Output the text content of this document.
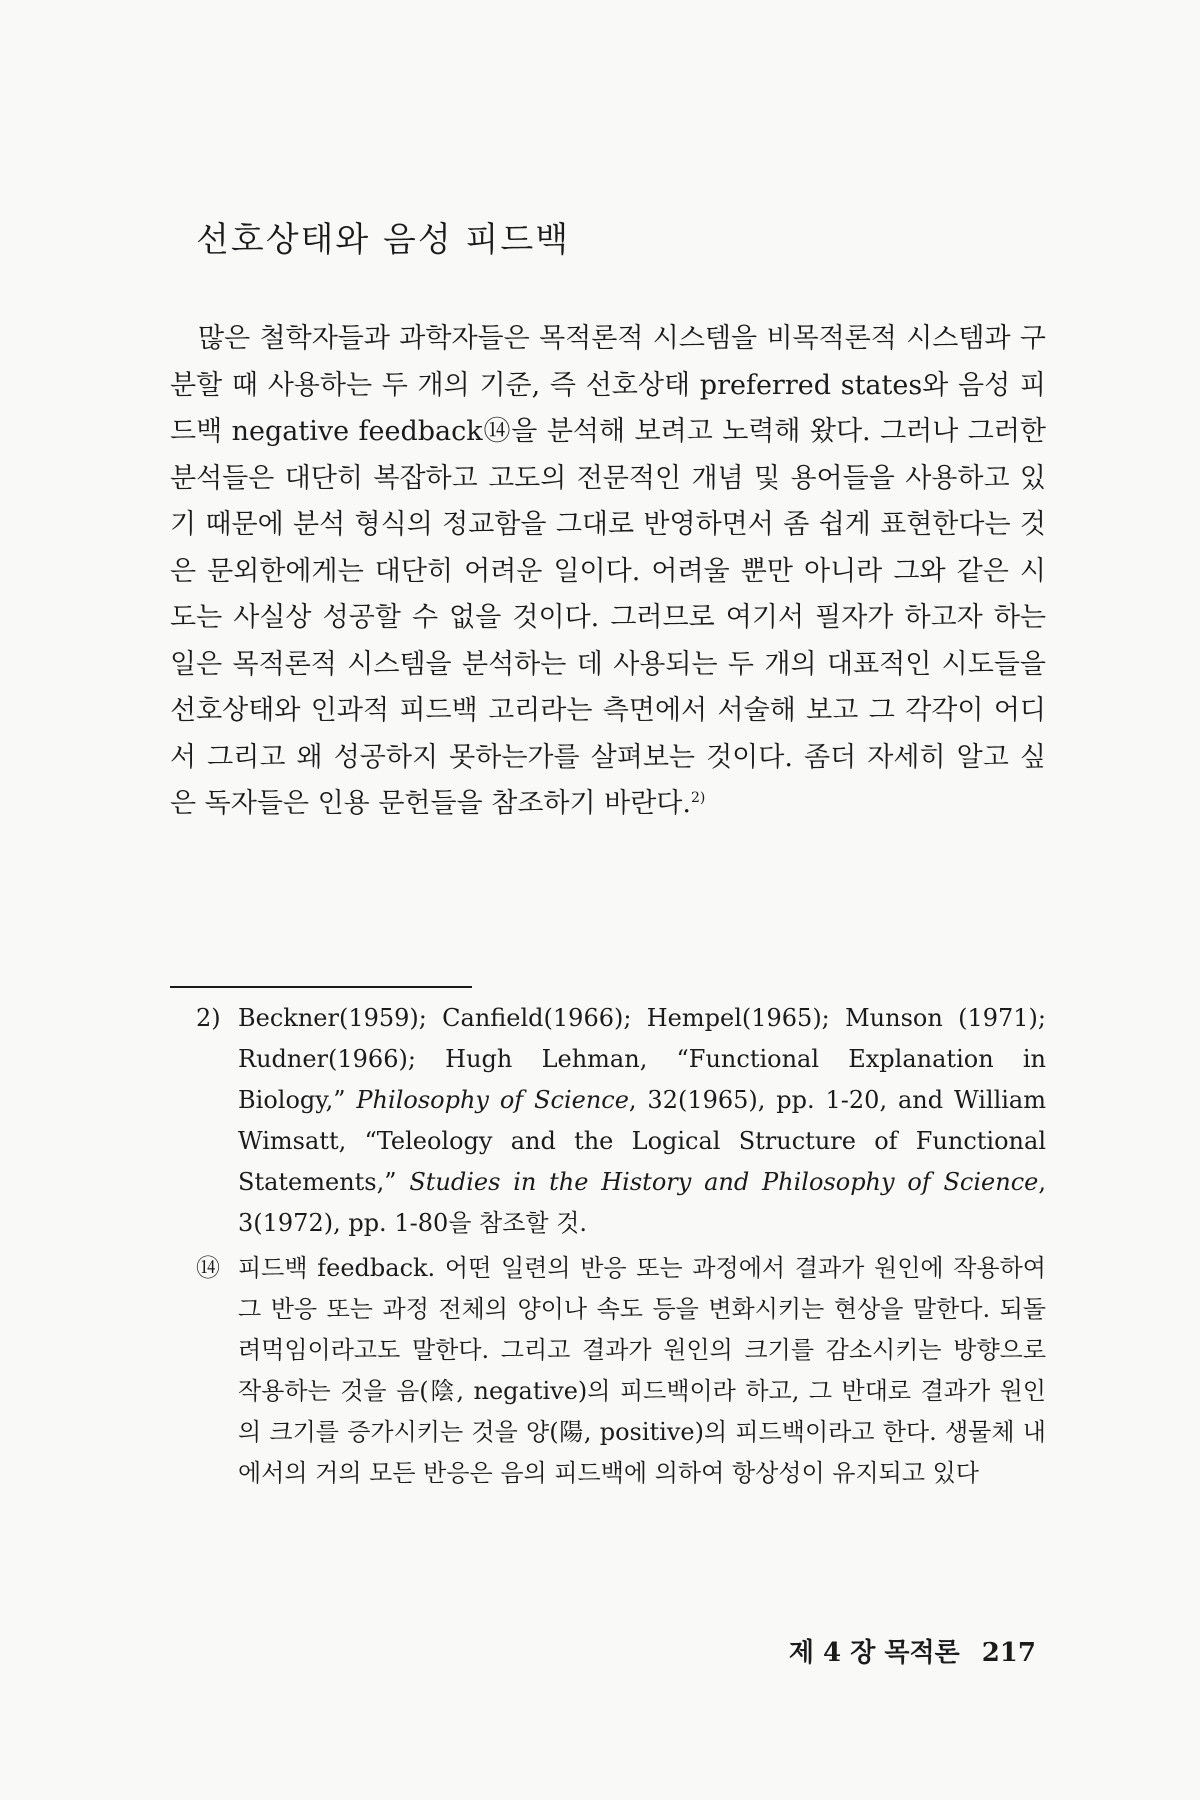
선호상태와 음성 피드백

많은 철학자들과 과학자들은 목적론적 시스템을 비목적론적 시스템과 구분할 때 사용하는 두 개의 기준, 즉 선호상태 preferred states와 음성 피드백 negative feedback⑭을 분석해 보려고 노력해 왔다. 그러나 그러한 분석들은 대단히 복잡하고 고도의 전문적인 개념 및 용어들을 사용하고 있기 때문에 분석 형식의 정교함을 그대로 반영하면서 좀 쉽게 표현한다는 것은 문외한에게는 대단히 어려운 일이다. 어려울 뿐만 아니라 그와 같은 시도는 사실상 성공할 수 없을 것이다. 그러므로 여기서 필자가 하고자 하는 일은 목적론적 시스템을 분석하는 데 사용되는 두 개의 대표적인 시도들을 선호상태와 인과적 피드백 고리라는 측면에서 서술해 보고 그 각각이 어디서 그리고 왜 성공하지 못하는가를 살펴보는 것이다. 좀더 자세히 알고 싶은 독자들은 인용 문헌들을 참조하기 바란다.$^{2)}$

2) Beckner(1959); Canfield(1966); Hempel(1965); Munson (1971); Rudner(1966); Hugh Lehman, “Functional Explanation in Biology,” Philosophy of Science, 32(1965), pp. 1-20, and William Wimsatt, “Teleology and the Logical Structure of Functional Statements,” Studies in the History and Philosophy of Science, 3(1972), pp. 1-80을 참조할 것.
⑭ 피드백 feedback. 어떤 일련의 반응 또는 과정에서 결과가 원인에 작용하여 그 반응 또는 과정 전체의 양이나 속도 등을 변화시키는 현상을 말한다. 되돌려먹임이라고도 말한다. 그리고 결과가 원인의 크기를 감소시키는 방향으로 작용하는 것을 음(陰, negative)의 피드백이라 하고, 그 반대로 결과가 원인의 크기를 증가시키는 것을 양(陽, positive)의 피드백이라고 한다. 생물체 내에서의 거의 모든 반응은 음의 피드백에 의하여 항상성이 유지되고 있다
제 4 장 목적론 217
